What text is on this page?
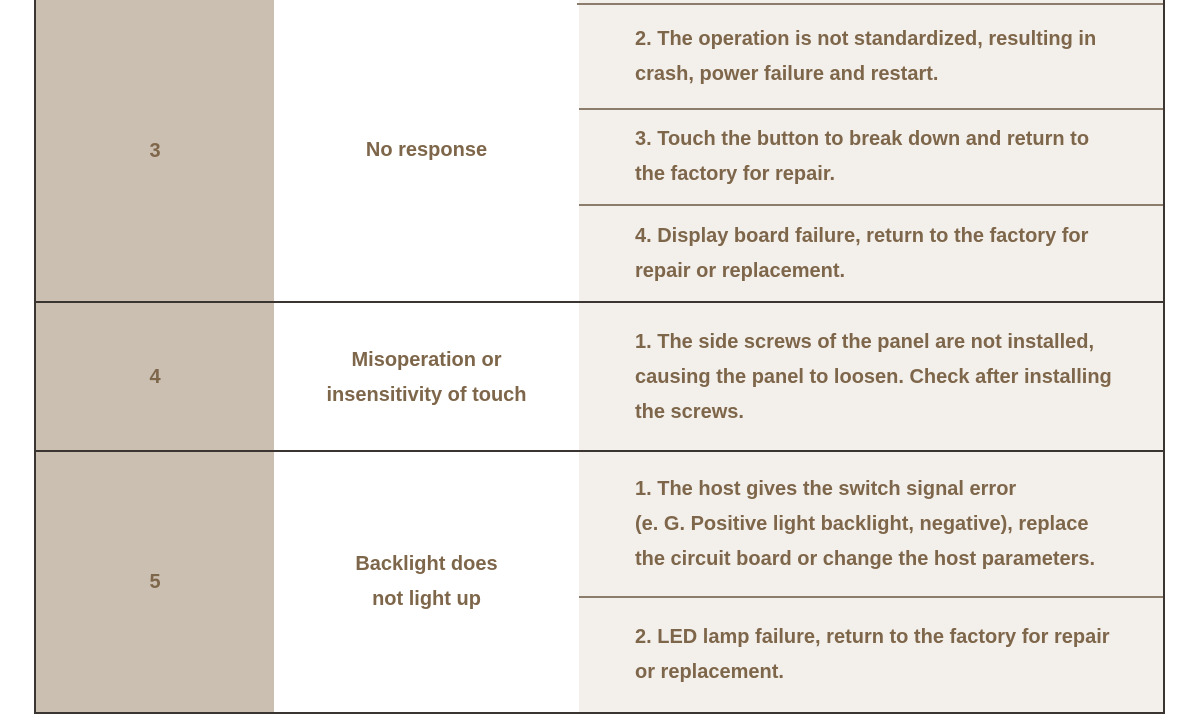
3	No response
2. The operation is not standardized, resulting in
crash, power failure and restart.
3. Touch the button to break down and return to
the factory for repair.
4. Display board failure, return to the factory for
repair or replacement.
4
Misoperation or
insensitivity of touch
1. The side screws of the panel are not installed,
causing the panel to loosen. Check after installing
the screws.
5
Backlight does
not light up
1. The host gives the switch signal error
(e. G. Positive light backlight, negative), replace
the circuit board or change the host parameters.
2. LED lamp failure, return to the factory for repair
or replacement.
